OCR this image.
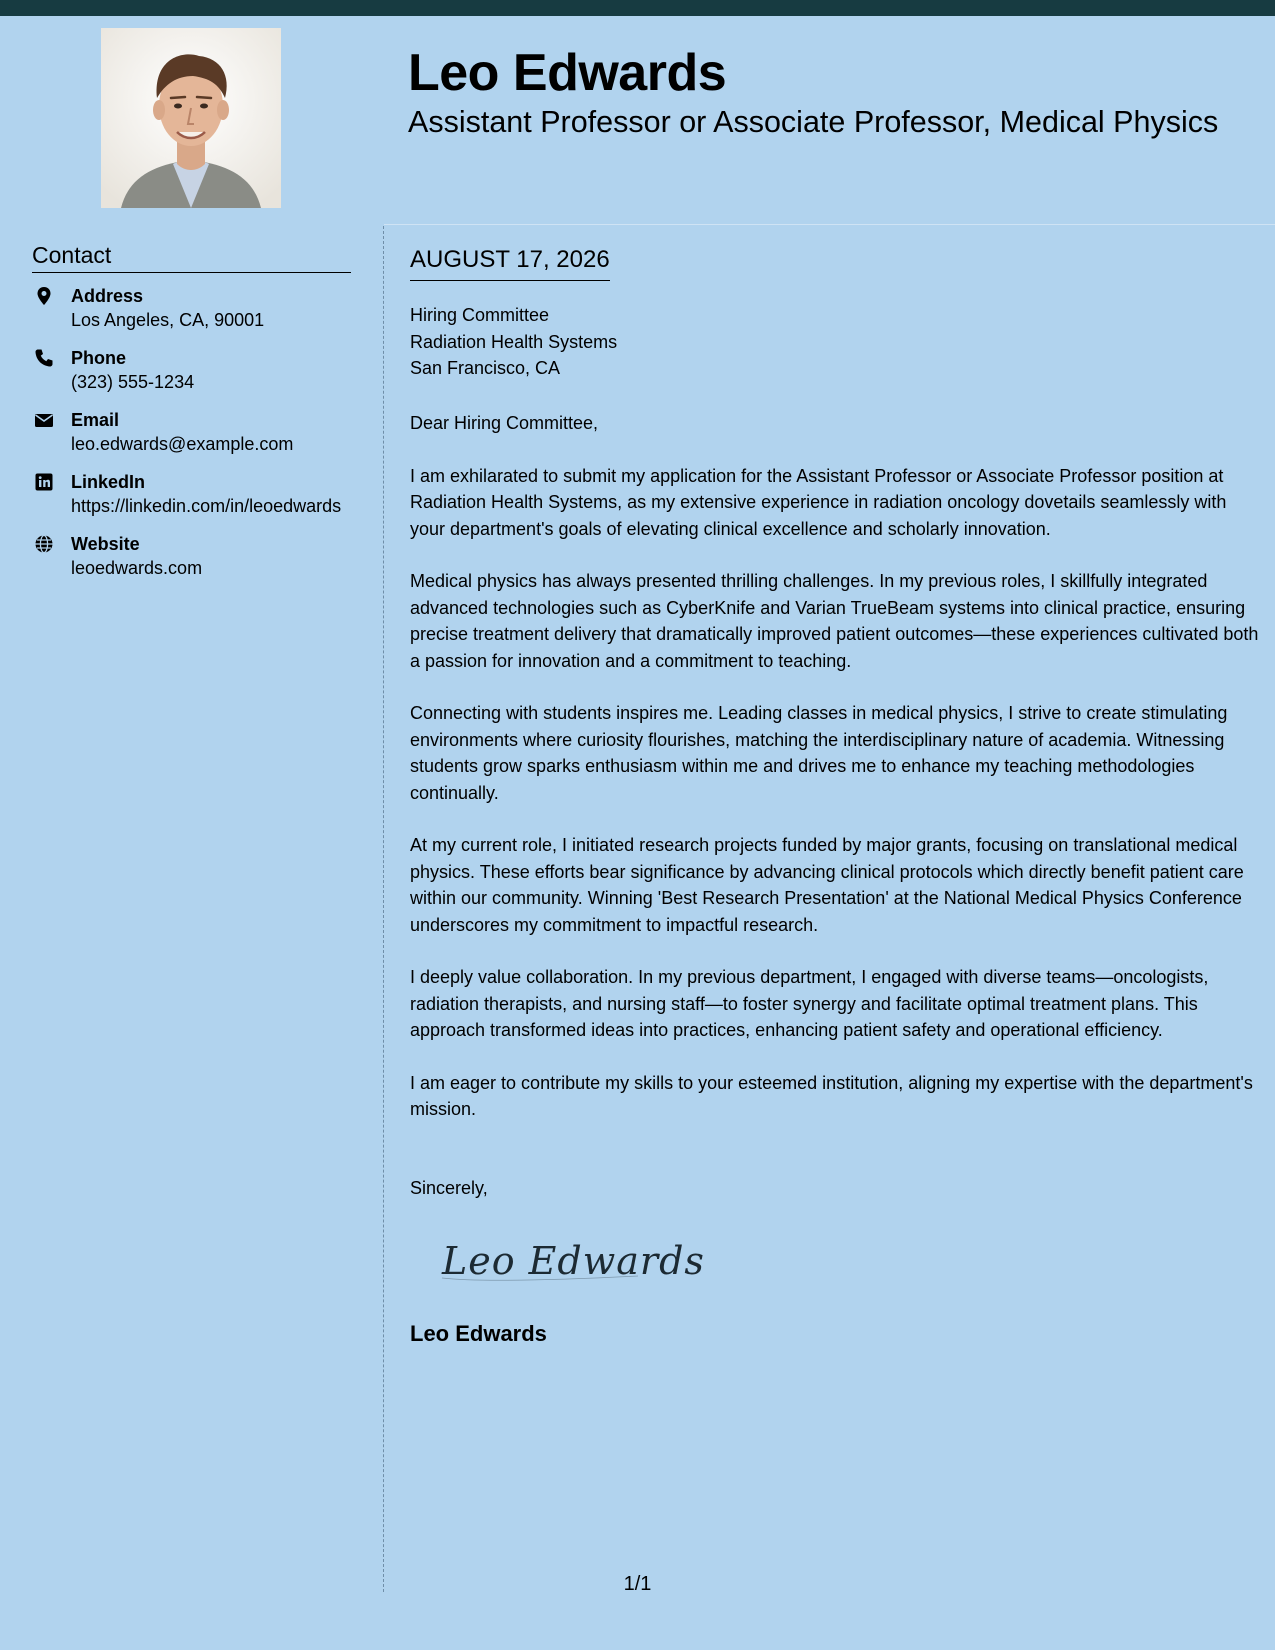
Leo Edwards
Assistant Professor or Associate Professor, Medical Physics
Contact
Address
Los Angeles, CA, 90001
Phone
(323) 555-1234
Email
leo.edwards@example.com
LinkedIn
https://linkedin.com/in/leoedwards
Website
leoedwards.com
AUGUST 17, 2026
Hiring Committee
Radiation Health Systems
San Francisco, CA

Dear Hiring Committee,

I am exhilarated to submit my application for the Assistant Professor or Associate Professor position at Radiation Health Systems, as my extensive experience in radiation oncology dovetails seamlessly with your department's goals of elevating clinical excellence and scholarly innovation.

Medical physics has always presented thrilling challenges. In my previous roles, I skillfully integrated advanced technologies such as CyberKnife and Varian TrueBeam systems into clinical practice, ensuring precise treatment delivery that dramatically improved patient outcomes—these experiences cultivated both a passion for innovation and a commitment to teaching.

Connecting with students inspires me. Leading classes in medical physics, I strive to create stimulating environments where curiosity flourishes, matching the interdisciplinary nature of academia. Witnessing students grow sparks enthusiasm within me and drives me to enhance my teaching methodologies continually.

At my current role, I initiated research projects funded by major grants, focusing on translational medical physics. These efforts bear significance by advancing clinical protocols which directly benefit patient care within our community. Winning 'Best Research Presentation' at the National Medical Physics Conference underscores my commitment to impactful research.

I deeply value collaboration. In my previous department, I engaged with diverse teams—oncologists, radiation therapists, and nursing staff—to foster synergy and facilitate optimal treatment plans. This approach transformed ideas into practices, enhancing patient safety and operational efficiency.

I am eager to contribute my skills to your esteemed institution, aligning my expertise with the department's mission.

Sincerely,
Leo Edwards
Leo Edwards
1/1
